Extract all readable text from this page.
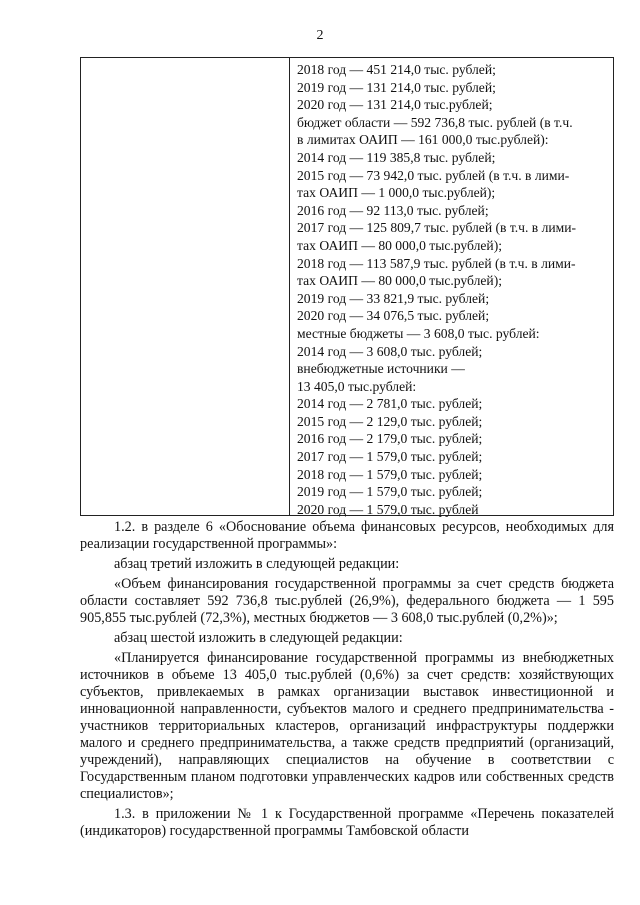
2
2018 год — 451 214,0 тыс. рублей;
2019 год — 131 214,0 тыс. рублей;
2020 год — 131 214,0 тыс.рублей;
бюджет области — 592 736,8 тыс. рублей (в т.ч.
в лимитах ОАИП — 161 000,0 тыс.рублей):
2014 год — 119 385,8 тыс. рублей;
2015 год — 73 942,0 тыс. рублей (в т.ч. в лими-
тах ОАИП — 1 000,0 тыс.рублей);
2016 год — 92 113,0 тыс. рублей;
2017 год — 125 809,7 тыс. рублей (в т.ч. в лими-
тах ОАИП — 80 000,0 тыс.рублей);
2018 год — 113 587,9 тыс. рублей (в т.ч. в лими-
тах ОАИП — 80 000,0 тыс.рублей);
2019 год — 33 821,9 тыс. рублей;
2020 год — 34 076,5 тыс. рублей;
местные бюджеты — 3 608,0 тыс. рублей:
2014 год — 3 608,0 тыс. рублей;
внебюджетные источники —
13 405,0 тыс.рублей:
2014 год — 2 781,0 тыс. рублей;
2015 год — 2 129,0 тыс. рублей;
2016 год — 2 179,0 тыс. рублей;
2017 год — 1 579,0 тыс. рублей;
2018 год — 1 579,0 тыс. рублей;
2019 год — 1 579,0 тыс. рублей;
2020 год — 1 579,0 тыс. рублей

1.2. в разделе 6 «Обоснование объема финансовых ресурсов, необходимых для реализации государственной программы»:

абзац третий изложить в следующей редакции:

«Объем финансирования государственной программы за счет средств бюджета области составляет 592 736,8 тыс.рублей (26,9%), федерального бюджета — 1 595 905,855 тыс.рублей (72,3%), местных бюджетов — 3 608,0 тыс.рублей (0,2%)»;

абзац шестой изложить в следующей редакции:

«Планируется финансирование государственной программы из внебюджетных источников в объеме 13 405,0 тыс.рублей (0,6%) за счет средств: хозяйствующих субъектов, привлекаемых в рамках организации выставок инвестиционной и инновационной направленности, субъектов малого и среднего предпринимательства - участников территориальных кластеров, организаций инфраструктуры поддержки малого и среднего предпринимательства, а также средств предприятий (организаций, учреждений), направляющих специалистов на обучение в соответствии с Государственным планом подготовки управленческих кадров или собственных средств специалистов»;

1.3. в приложении № 1 к Государственной программе «Перечень показателей (индикаторов) государственной программы Тамбовской области
